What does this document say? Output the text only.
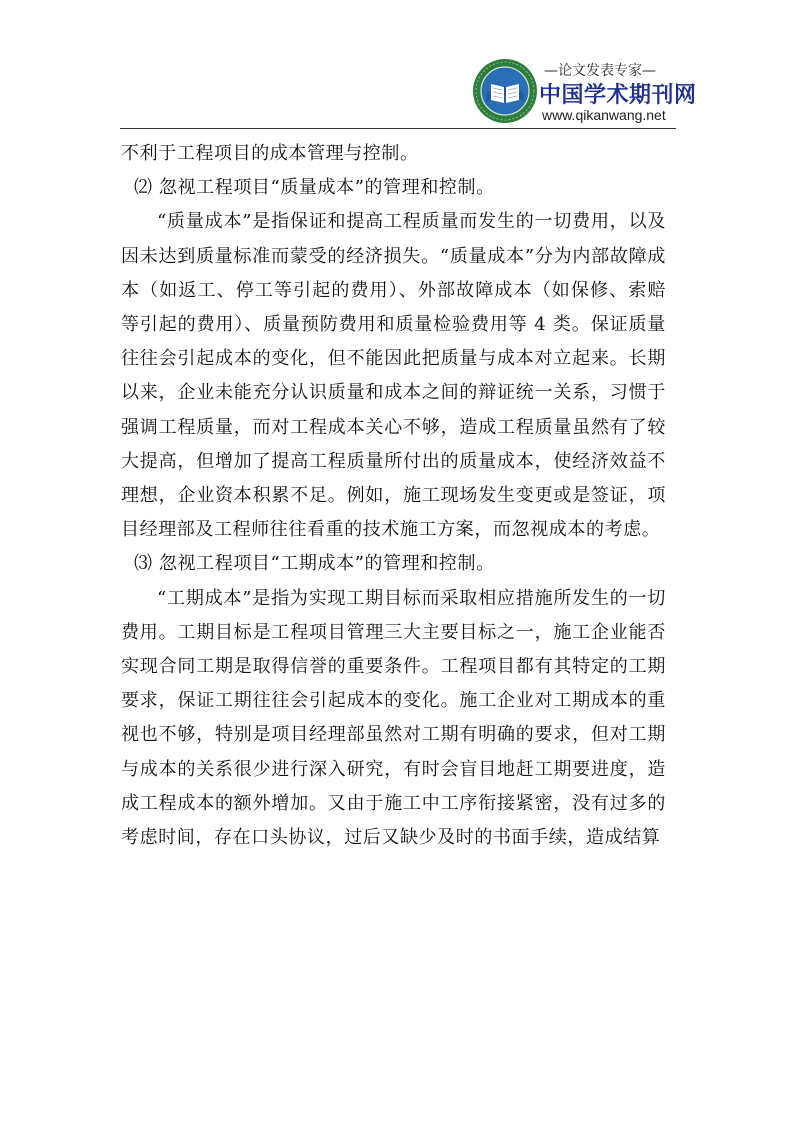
—论文发表专家—
中国学术期刊网
www.qikanwang.net

不利于工程项目的成本管理与控制。

⑵ 忽视工程项目“质量成本”的管理和控制。

“质量成本”是指保证和提高工程质量而发生的一切费用，以及因未达到质量标准而蒙受的经济损失。“质量成本”分为内部故障成本（如返工、停工等引起的费用）、外部故障成本（如保修、索赔等引起的费用）、质量预防费用和质量检验费用等 4 类。保证质量往往会引起成本的变化，但不能因此把质量与成本对立起来。长期以来，企业未能充分认识质量和成本之间的辩证统一关系，习惯于强调工程质量，而对工程成本关心不够，造成工程质量虽然有了较大提高，但增加了提高工程质量所付出的质量成本，使经济效益不理想，企业资本积累不足。例如，施工现场发生变更或是签证，项目经理部及工程师往往看重的技术施工方案，而忽视成本的考虑。

⑶ 忽视工程项目“工期成本”的管理和控制。

“工期成本”是指为实现工期目标而采取相应措施所发生的一切费用。工期目标是工程项目管理三大主要目标之一，施工企业能否实现合同工期是取得信誉的重要条件。工程项目都有其特定的工期要求，保证工期往往会引起成本的变化。施工企业对工期成本的重视也不够，特别是项目经理部虽然对工期有明确的要求，但对工期与成本的关系很少进行深入研究，有时会盲目地赶工期要进度，造成工程成本的额外增加。又由于施工中工序衔接紧密，没有过多的考虑时间，存在口头协议，过后又缺少及时的书面手续，造成结算
